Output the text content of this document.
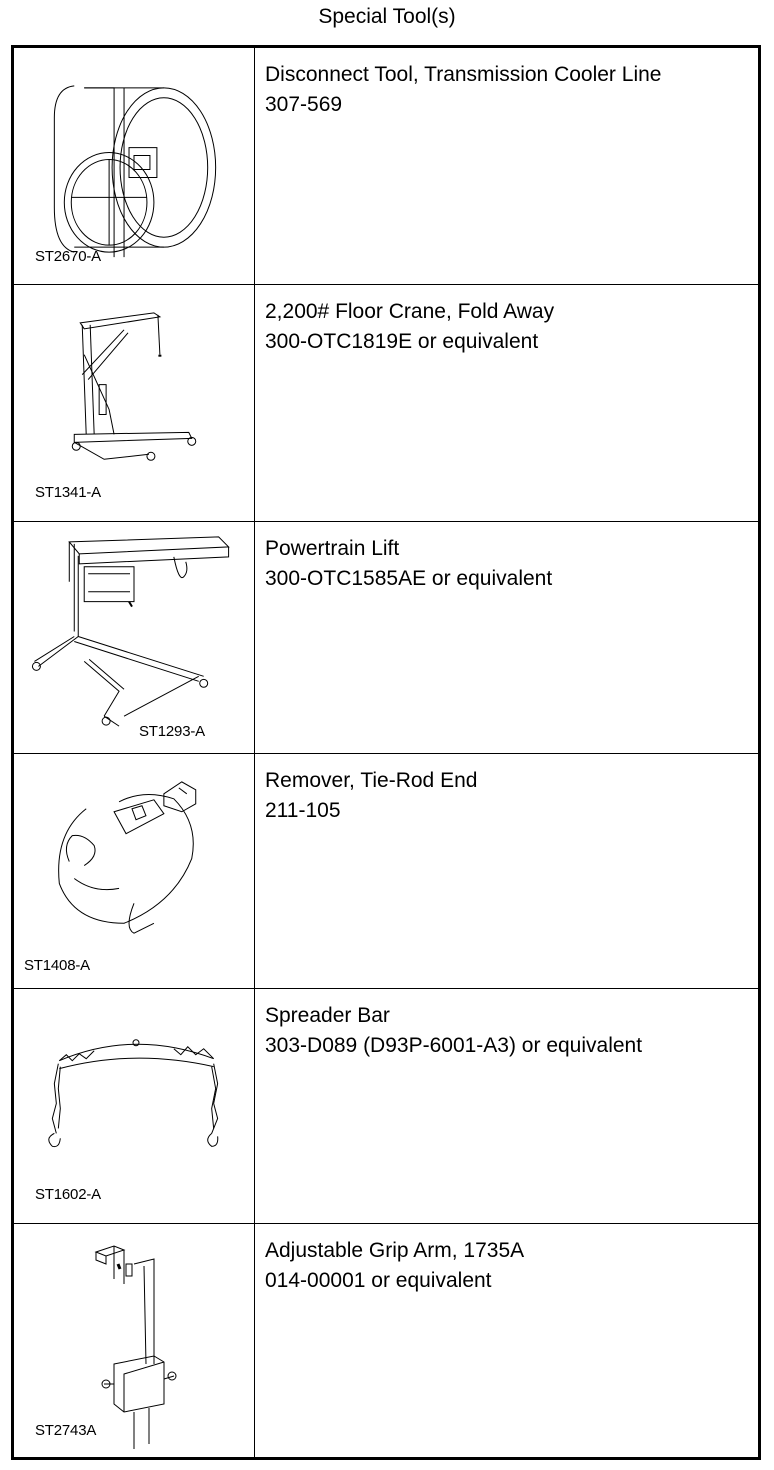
Special Tool(s)
ST2670-A
Disconnect Tool, Transmission Cooler Line
307-569
ST1341-A
2,200# Floor Crane, Fold Away
300-OTC1819E or equivalent
ST1293-A
Powertrain Lift
300-OTC1585AE or equivalent
ST1408-A
Remover, Tie-Rod End
211-105
ST1602-A
Spreader Bar
303-D089 (D93P-6001-A3) or equivalent
ST2743A
Adjustable Grip Arm, 1735A
014-00001 or equivalent
